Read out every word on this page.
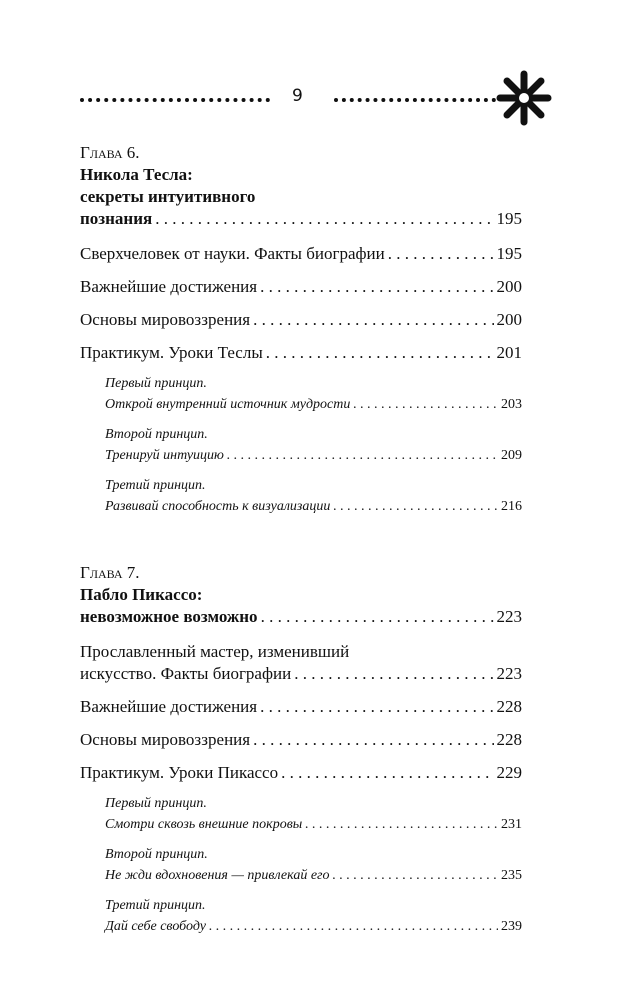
9
Глава 6.
Никола Тесла:
секреты интуитивного
познания . . .	195
Сверхчеловек от науки. Факты биографии . . .	195
Важнейшие достижения . . .	200
Основы мировоззрения . . .	200
Практикум. Уроки Теслы . . .	201
Первый принцип.
Открой внутренний источник мудрости . . .	203
Второй принцип.
Тренируй интуицию . . .	209
Третий принцип.
Развивай способность к визуализации . . .	216
Глава 7.
Пабло Пикассо:
невозможное возможно . . .	223
Прославленный мастер, изменивший
искусство. Факты биографии . . .	223
Важнейшие достижения . . .	228
Основы мировоззрения . . .	228
Практикум. Уроки Пикассо . . .	229
Первый принцип.
Смотри сквозь внешние покровы . . .	231
Второй принцип.
Не жди вдохновения — привлекай его . . .	235
Третий принцип.
Дай себе свободу . . .	239
